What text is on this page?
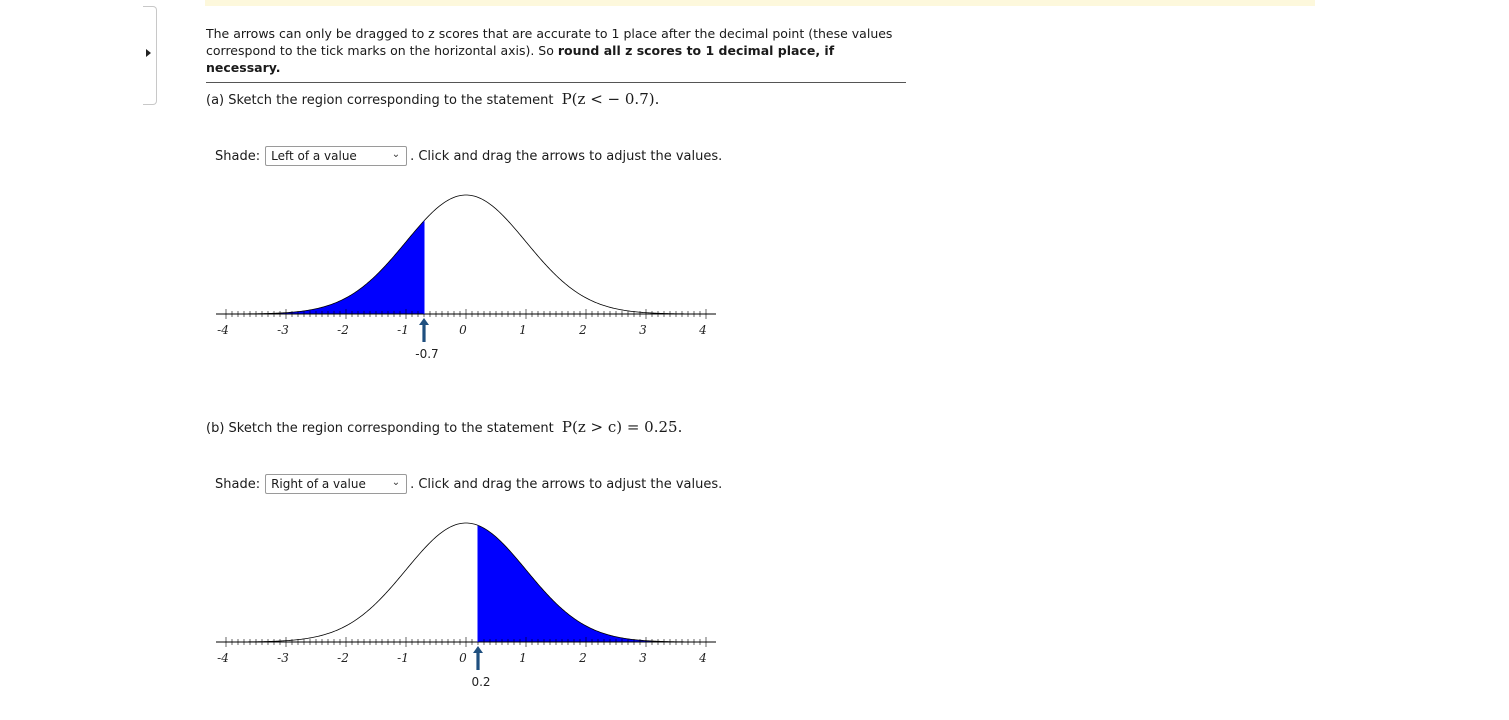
The arrows can only be dragged to z scores that are accurate to 1 place after the decimal point (these values
correspond to the tick marks on the horizontal axis). So round all z scores to 1 decimal place, if necessary.
(a) Sketch the region corresponding to the statement P(z < − 0.7).
Shade: Left of a value	⌄ . Click and drag the arrows to adjust the values.
-4	-3	-2	-1	0	1	2	3	4
-0.7
(b) Sketch the region corresponding to the statement P(z > c) = 0.25.
Shade: Right of a value	⌄ . Click and drag the arrows to adjust the values.
-4	-3	-2	-1	0	1	2	3	4
0.2
